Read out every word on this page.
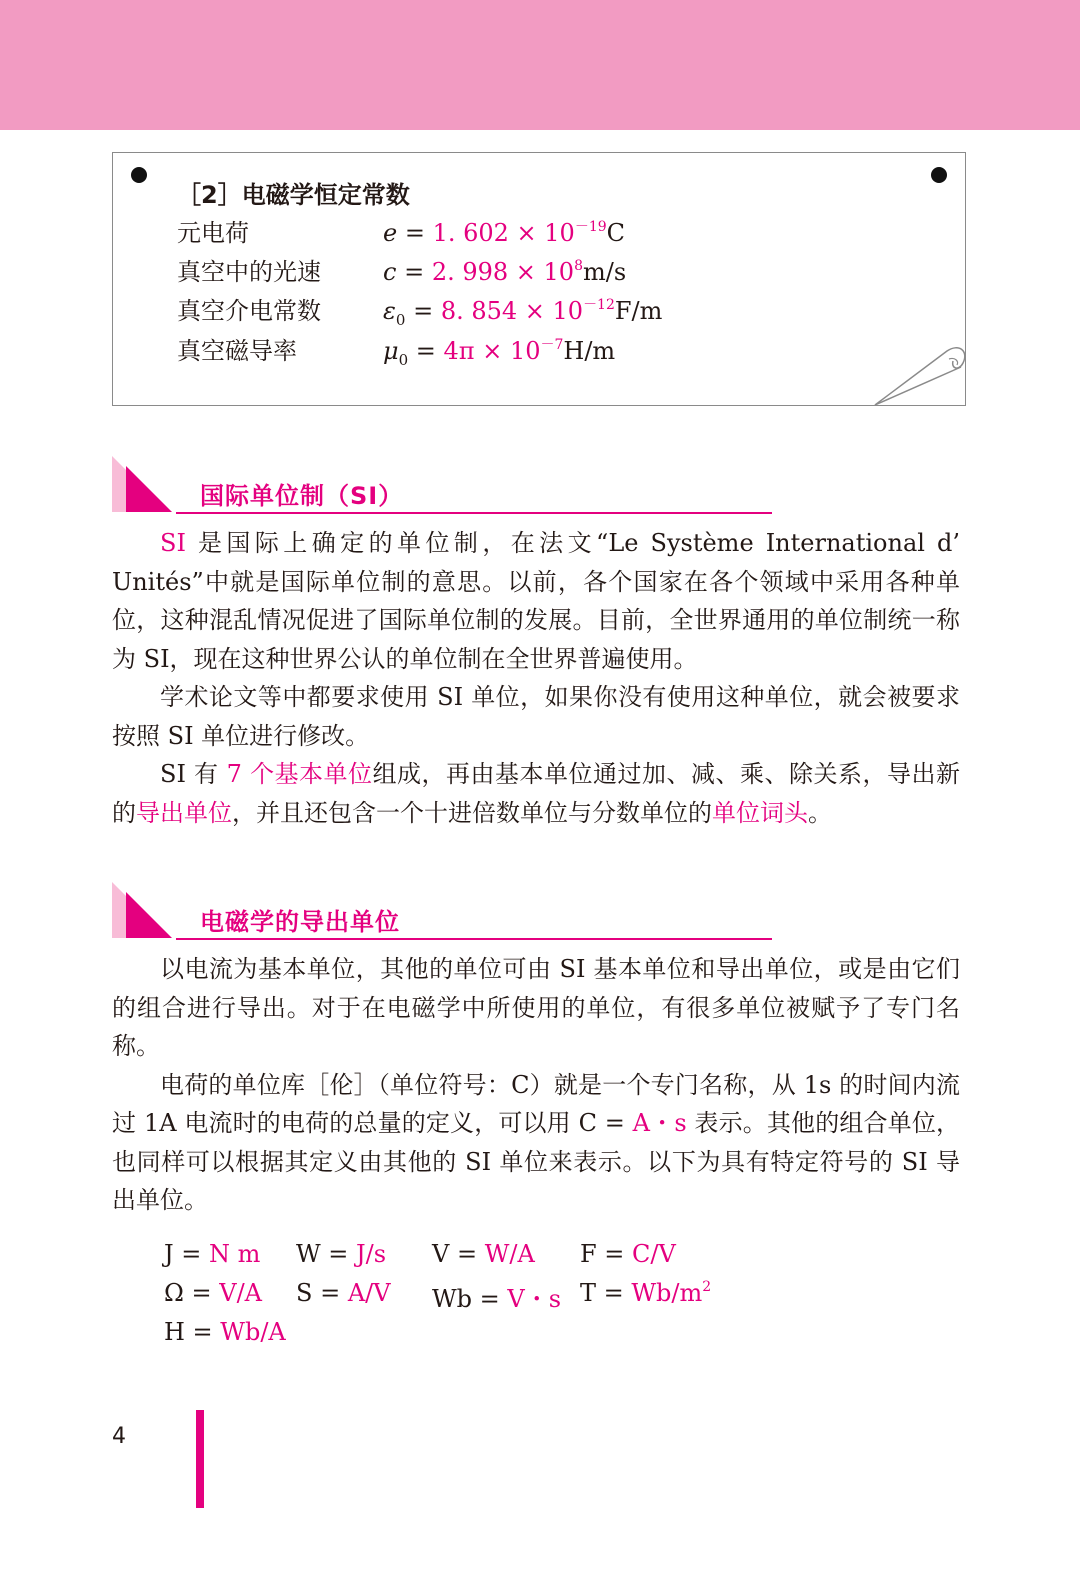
［2］电磁学恒定常数
元电荷	e = 1. $602 \times 10^{-19}C$
真空中的光速	c = 2. $998 \times 10^8m/s$
真空介电常数	$\varepsilon_0 = 8$. $854 \times 10^{-12}F/m$
真空磁导率	$\mu_0 = 4\pi \times 10^{-7}H/m$
国际单位制（SI）

SI 是国际上确定的单位制，在法文“Le Système International d’ Unités”中就是国际单位制的意思。以前，各个国家在各个领域中采用各种单位，这种混乱情况促进了国际单位制的发展。目前，全世界通用的单位制统一称为 SI，现在这种世界公认的单位制在全世界普遍使用。

学术论文等中都要求使用 SI 单位，如果你没有使用这种单位，就会被要求按照 SI 单位进行修改。

SI 有 7 个基本单位组成，再由基本单位通过加、减、乘、除关系，导出新的导出单位，并且还包含一个十进倍数单位与分数单位的单位词头。

电磁学的导出单位

以电流为基本单位，其他的单位可由 SI 基本单位和导出单位，或是由它们的组合进行导出。对于在电磁学中所使用的单位，有很多单位被赋予了专门名称。

电荷的单位库［伦］（单位符号：C）就是一个专门名称，从 1s 的时间内流过 1A 电流时的电荷的总量的定义，可以用 C = A・s 表示。其他的组合单位，也同样可以根据其定义由其他的 SI 单位来表示。以下为具有特定符号的 SI 导出单位。

J = N m W = J/s V = W/A F = C/V
Ω = V/A S = A/V Wb = V・s $T = Wb/m^2$
H = Wb/A
4
